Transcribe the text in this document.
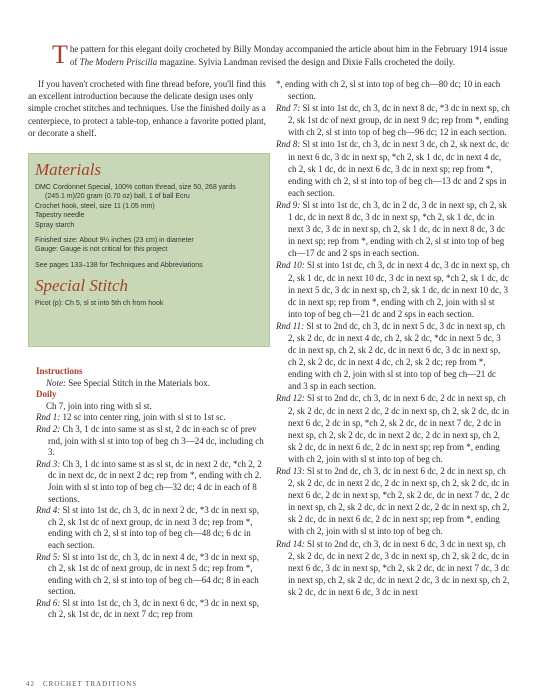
The pattern for this elegant doily crocheted by Billy Monday accompanied the article about him in the February 1914 issue of The Modern Priscilla magazine. Sylvia Landman revised the design and Dixie Falls crocheted the doily.

If you haven't crocheted with fine thread before, you'll find this an excellent introduction because the delicate design uses only simple crochet stitches and techniques. Use the finished doily as a centerpiece, to protect a table-top, enhance a favorite potted plant, or decorate a shelf.

Materials
DMC Cordonnet Special, 100% cotton thread, size 50, 268 yards
(245.1 m)/20 gram (0.70 oz) ball, 1 of ball Ecru
Crochet hook, steel, size 11 (1.05 mm)
Tapestry needle
Spray starch
Finished size: About 9¼ inches (23 cm) in diameter
Gauge: Gauge is not critical for this project
See pages 133–138 for Techniques and Abbreviations
Special Stitch
Picot (p): Ch 5, sl st into 5th ch from hook

Instructions

Note: See Special Stitch in the Materials box.

Doily

Ch 7, join into ring with sl st.

Rnd 1: 12 sc into center ring, join with sl st to 1st sc.

Rnd 2: Ch 3, 1 dc into same st as sl st, 2 dc in each sc of prev rnd, join with sl st into top of beg ch 3—24 dc, including ch 3.

Rnd 3: Ch 3, 1 dc into same st as sl st, dc in next 2 dc, *ch 2, 2 dc in next dc, dc in next 2 dc; rep from *, ending with ch 2. Join with sl st into top of beg ch—32 dc; 4 dc in each of 8 sections.

Rnd 4: Sl st into 1st dc, ch 3, dc in next 2 dc, *3 dc in next sp, ch 2, sk 1st dc of next group, dc in next 3 dc; rep from *, ending with ch 2, sl st into top of beg ch—48 dc; 6 dc in each section.

Rnd 5: Sl st into 1st dc, ch 3, dc in next 4 dc, *3 dc in next sp, ch 2, sk 1st dc of next group, dc in next 5 dc; rep from *, ending with ch 2, sl st into top of beg ch—64 dc; 8 in each section.

Rnd 6: Sl st into 1st dc, ch 3, dc in next 6 dc, *3 dc in next sp, ch 2, sk 1st dc, dc in next 7 dc; rep from

*, ending with ch 2, sl st into top of beg ch—80 dc; 10 in each section.

Rnd 7: Sl st into 1st dc, ch 3, dc in next 8 dc, *3 dc in next sp, ch 2, sk 1st dc of next group, dc in next 9 dc; rep from *, ending with ch 2, sl st into top of beg ch—96 dc; 12 in each section.

Rnd 8: Sl st into 1st dc, ch 3, dc in next 3 dc, ch 2, sk next dc, dc in next 6 dc, 3 dc in next sp, *ch 2, sk 1 dc, dc in next 4 dc, ch 2, sk 1 dc, dc in next 6 dc, 3 dc in next sp; rep from *, ending with ch 2, sl st into top of beg ch—13 dc and 2 sps in each section.

Rnd 9: Sl st into 1st dc, ch 3, dc in 2 dc, 3 dc in next sp, ch 2, sk 1 dc, dc in next 8 dc, 3 dc in next sp, *ch 2, sk 1 dc, dc in next 3 dc, 3 dc in next sp, ch 2, sk 1 dc, dc in next 8 dc, 3 dc in next sp; rep from *, ending with ch 2, sl st into top of beg ch—17 dc and 2 sps in each section.

Rnd 10: Sl st into 1st dc, ch 3, dc in next 4 dc, 3 dc in next sp, ch 2, sk 1 dc, dc in next 10 dc, 3 dc in next sp, *ch 2, sk 1 dc, dc in next 5 dc, 3 dc in next sp, ch 2, sk 1 dc, dc in next 10 dc, 3 dc in next sp; rep from *, ending with ch 2, join with sl st into top of beg ch—21 dc and 2 sps in each section.

Rnd 11: Sl st to 2nd dc, ch 3, dc in next 5 dc, 3 dc in next sp, ch 2, sk 2 dc, dc in next 4 dc, ch 2, sk 2 dc, *dc in next 5 dc, 3 dc in next sp, ch 2, sk 2 dc, dc in next 6 dc, 3 dc in next sp, ch 2, sk 2 dc, dc in next 4 dc, ch 2, sk 2 dc; rep from *, ending with ch 2, join with sl st into top of beg ch—21 dc and 3 sp in each section.

Rnd 12: Sl st to 2nd dc, ch 3, dc in next 6 dc, 2 dc in next sp, ch 2, sk 2 dc, dc in next 2 dc, 2 dc in next sp, ch 2, sk 2 dc, dc in next 6 dc, 2 dc in sp, *ch 2, sk 2 dc, dc in next 7 dc, 2 dc in next sp, ch 2, sk 2 dc, dc in next 2 dc, 2 dc in next sp, ch 2, sk 2 dc, dc in next 6 dc, 2 dc in next sp; rep from *, ending with ch 2, join with sl st into top of beg ch.

Rnd 13: Sl st to 2nd dc, ch 3, dc in next 6 dc, 2 dc in next sp, ch 2, sk 2 dc, dc in next 2 dc, 2 dc in next sp, ch 2, sk 2 dc, dc in next 6 dc, 2 dc in next sp, *ch 2, sk 2 dc, dc in next 7 dc, 2 dc in next sp, ch 2, sk 2 dc, dc in next 2 dc, 2 dc in next sp, ch 2, sk 2 dc, dc in next 6 dc, 2 dc in next sp; rep from *, ending with ch 2, join with sl st into top of beg ch.

Rnd 14: Sl st to 2nd dc, ch 3, dc in next 6 dc, 3 dc in next sp, ch 2, sk 2 dc, dc in next 2 dc, 3 dc in next sp, ch 2, sk 2 dc, dc in next 6 dc, 3 dc in next sp, *ch 2, sk 2 dc, dc in next 7 dc, 3 dc in next sp, ch 2, sk 2 dc, dc in next 2 dc, 3 dc in next sp, ch 2, sk 2 dc, dc in next 6 dc, 3 dc in next

42 CROCHET TRADITIONS
